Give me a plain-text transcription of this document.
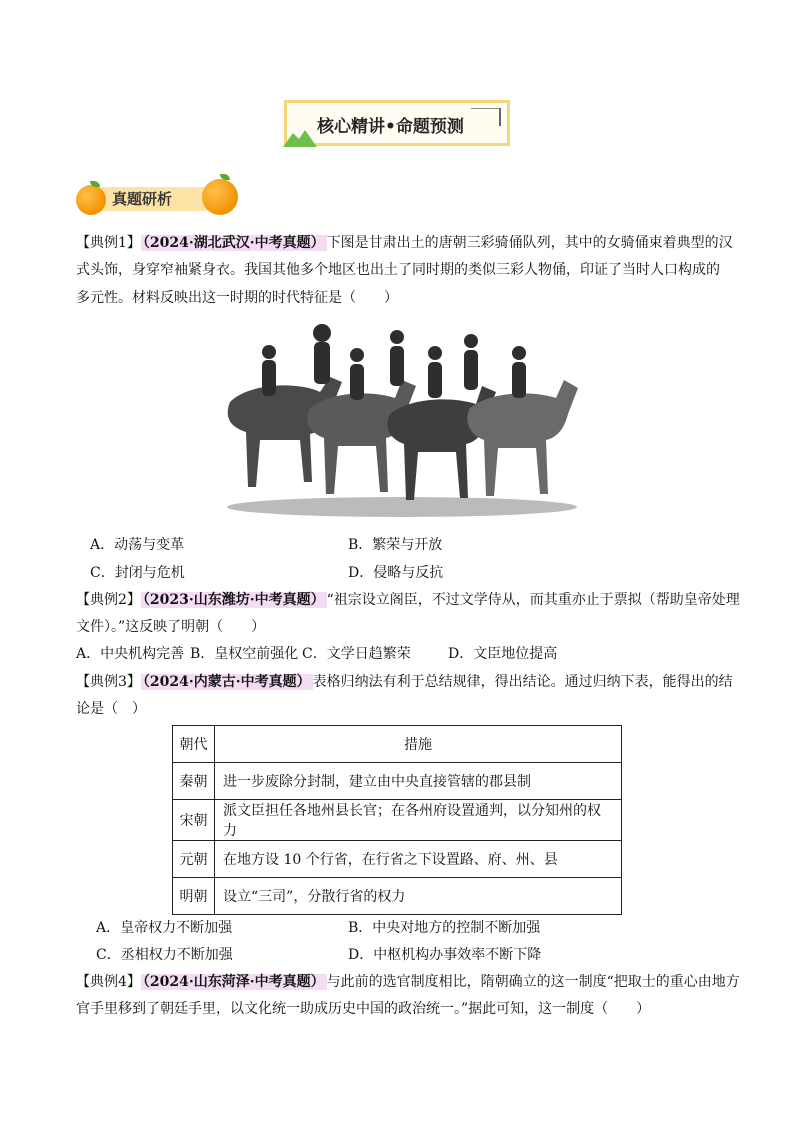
核心精讲•命题预测
真题研析
【典例1】 （2024·湖北武汉·中考真题） 下图是甘肃出土的唐朝三彩骑俑队列，其中的女骑俑束着典型的汉
式头饰，身穿窄袖紧身衣。我国其他多个地区也出土了同时期的类似三彩人物俑，印证了当时人口构成的
多元性。材料反映出这一时期的时代特征是（　　）
A．动荡与变革	B．繁荣与开放
C．封闭与危机	D．侵略与反抗
【典例2】 （2023·山东潍坊·中考真题） “祖宗设立阁臣，不过文学侍从，而其重亦止于票拟（帮助皇帝处理
文件）。”这反映了明朝（　　）
A．中央机构完善 B．皇权空前强化 C．文学日趋繁荣	D．文臣地位提高
【典例3】 （2024·内蒙古·中考真题） 表格归纳法有利于总结规律，得出结论。通过归纳下表，能得出的结
论是（　）
朝代	措施
秦朝	进一步废除分封制，建立由中央直接管辖的郡县制
宋朝	派文臣担任各地州县长官；在各州府设置通判，以分知州的权力
元朝	在地方设 10 个行省，在行省之下设置路、府、州、县
明朝	设立“三司”，分散行省的权力
A．皇帝权力不断加强	B．中央对地方的控制不断加强
C．丞相权力不断加强	D．中枢机构办事效率不断下降
【典例4】 （2024·山东菏泽·中考真题） 与此前的选官制度相比，隋朝确立的这一制度“把取士的重心由地方
官手里移到了朝廷手里，以文化统一助成历史中国的政治统一。”据此可知，这一制度（　　）
